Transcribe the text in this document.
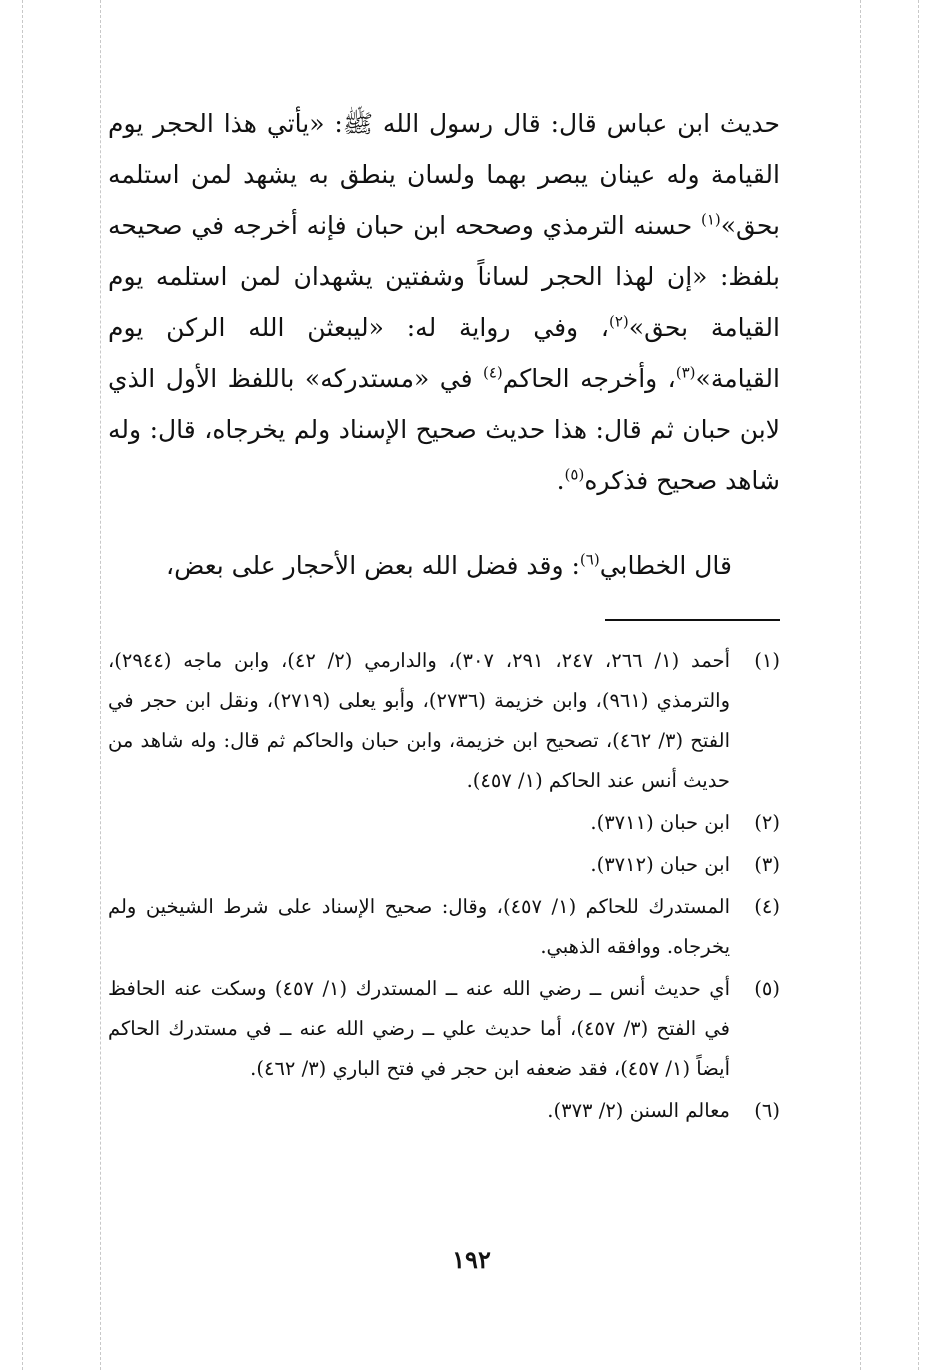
حديث ابن عباس قال: قال رسول الله ﷺ: «يأتي هذا الحجر يوم القيامة وله عينان يبصر بهما ولسان ينطق به يشهد لمن استلمه بحق»$^{(١)}$ حسنه الترمذي وصححه ابن حبان فإنه أخرجه في صحيحه بلفظ: «إن لهذا الحجر لساناً وشفتين يشهدان لمن استلمه يوم القيامة بحق»$^{(٢)}$، وفي رواية له: «ليبعثن الله الركن يوم القيامة»$^{(٣)}$، وأخرجه الحاكم$^{(٤)}$ في «مستدركه» باللفظ الأول الذي لابن حبان ثم قال: هذا حديث صحيح الإسناد ولم يخرجاه، قال: وله شاهد صحيح فذكره$^{(٥)}$.

قال الخطابي$^{(٦)}$: وقد فضل الله بعض الأحجار على بعض،

(١)
أحمد (١/ ٢٦٦، ٢٤٧، ٢٩١، ٣٠٧)، والدارمي (٢/ ٤٢)، وابن ماجه (٢٩٤٤)، والترمذي (٩٦١)، وابن خزيمة (٢٧٣٦)، وأبو يعلى (٢٧١٩)، ونقل ابن حجر في الفتح (٣/ ٤٦٢)، تصحيح ابن خزيمة، وابن حبان والحاكم ثم قال: وله شاهد من حديث أنس عند الحاكم (١/ ٤٥٧).
(٢)
ابن حبان (٣٧١١).
(٣)
ابن حبان (٣٧١٢).
(٤)
المستدرك للحاكم (١/ ٤٥٧)، وقال: صحيح الإسناد على شرط الشيخين ولم يخرجاه. ووافقه الذهبي.
(٥)
أي حديث أنس ــ رضي الله عنه ــ المستدرك (١/ ٤٥٧) وسكت عنه الحافظ في الفتح (٣/ ٤٥٧)، أما حديث علي ــ رضي الله عنه ــ في مستدرك الحاكم أيضاً (١/ ٤٥٧)، فقد ضعفه ابن حجر في فتح الباري (٣/ ٤٦٢).
(٦)
معالم السنن (٢/ ٣٧٣).
١٩٢
